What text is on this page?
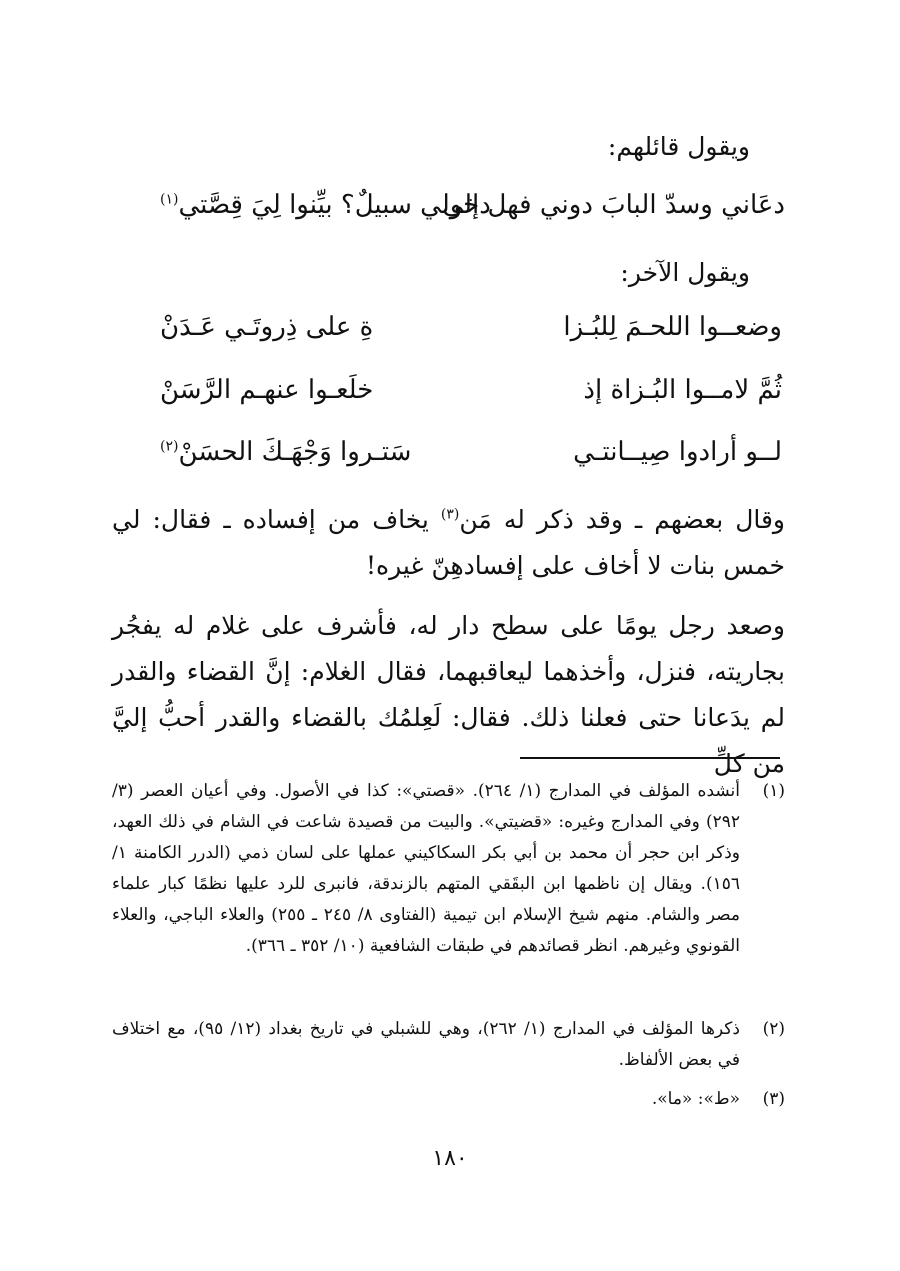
ويقول قائلهم:
دعَاني وسدّ البابَ دوني فهل إلى
دخولي سبيلٌ؟ بيِّنوا لِيَ قِصَّتي$^{(١)}$
ويقول الآخر:
وضعــوا اللحـمَ لِلبُـزا
ةِ على ذِروتَـي عَـدَنْ
ثُمَّ لامــوا البُـزاة إذ
خلَعـوا عنهـم الرَّسَنْ
لــو أرادوا صِيــانتـي
سَتـروا وَجْهَـكَ الحسَنْ$^{(٢)}$
وقال بعضهم ـ وقد ذكر له مَن$^{(٣)}$ يخاف من إفساده ـ فقال: لي خمس بنات لا أخاف على إفسادهِنّ غيره!
وصعد رجل يومًا على سطح دار له، فأشرف على غلام له يفجُر بجاريته، فنزل، وأخذهما ليعاقبهما، فقال الغلام: إنَّ القضاء والقدر لم يدَعانا حتى فعلنا ذلك. فقال: لَعِلمُك بالقضاء والقدر أحبُّ إليَّ من كلِّ
(١)
أنشده المؤلف في المدارج (١/ ٢٦٤). «قصتي»: كذا في الأصول. وفي أعيان العصر (٣/ ٢٩٢) وفي المدارج وغيره: «قضيتي». والبيت من قصيدة شاعت في الشام في ذلك العهد، وذكر ابن حجر أن محمد بن أبي بكر السكاكيني عملها على لسان ذمي (الدرر الكامنة ١/ ١٥٦). ويقال إن ناظمها ابن البقَقي المتهم بالزندقة، فانبرى للرد عليها نظمًا كبار علماء مصر والشام. منهم شيخ الإسلام ابن تيمية (الفتاوى ٨/ ٢٤٥ ـ ٢٥٥) والعلاء الباجي، والعلاء القونوي وغيرهم. انظر قصائدهم في طبقات الشافعية (١٠/ ٣٥٢ ـ ٣٦٦).
(٢)
ذكرها المؤلف في المدارج (١/ ٢٦٢)، وهي للشبلي في تاريخ بغداد (١٢/ ٩٥)، مع اختلاف في بعض الألفاظ.
(٣)
«ط»: «ما».
١٨٠
